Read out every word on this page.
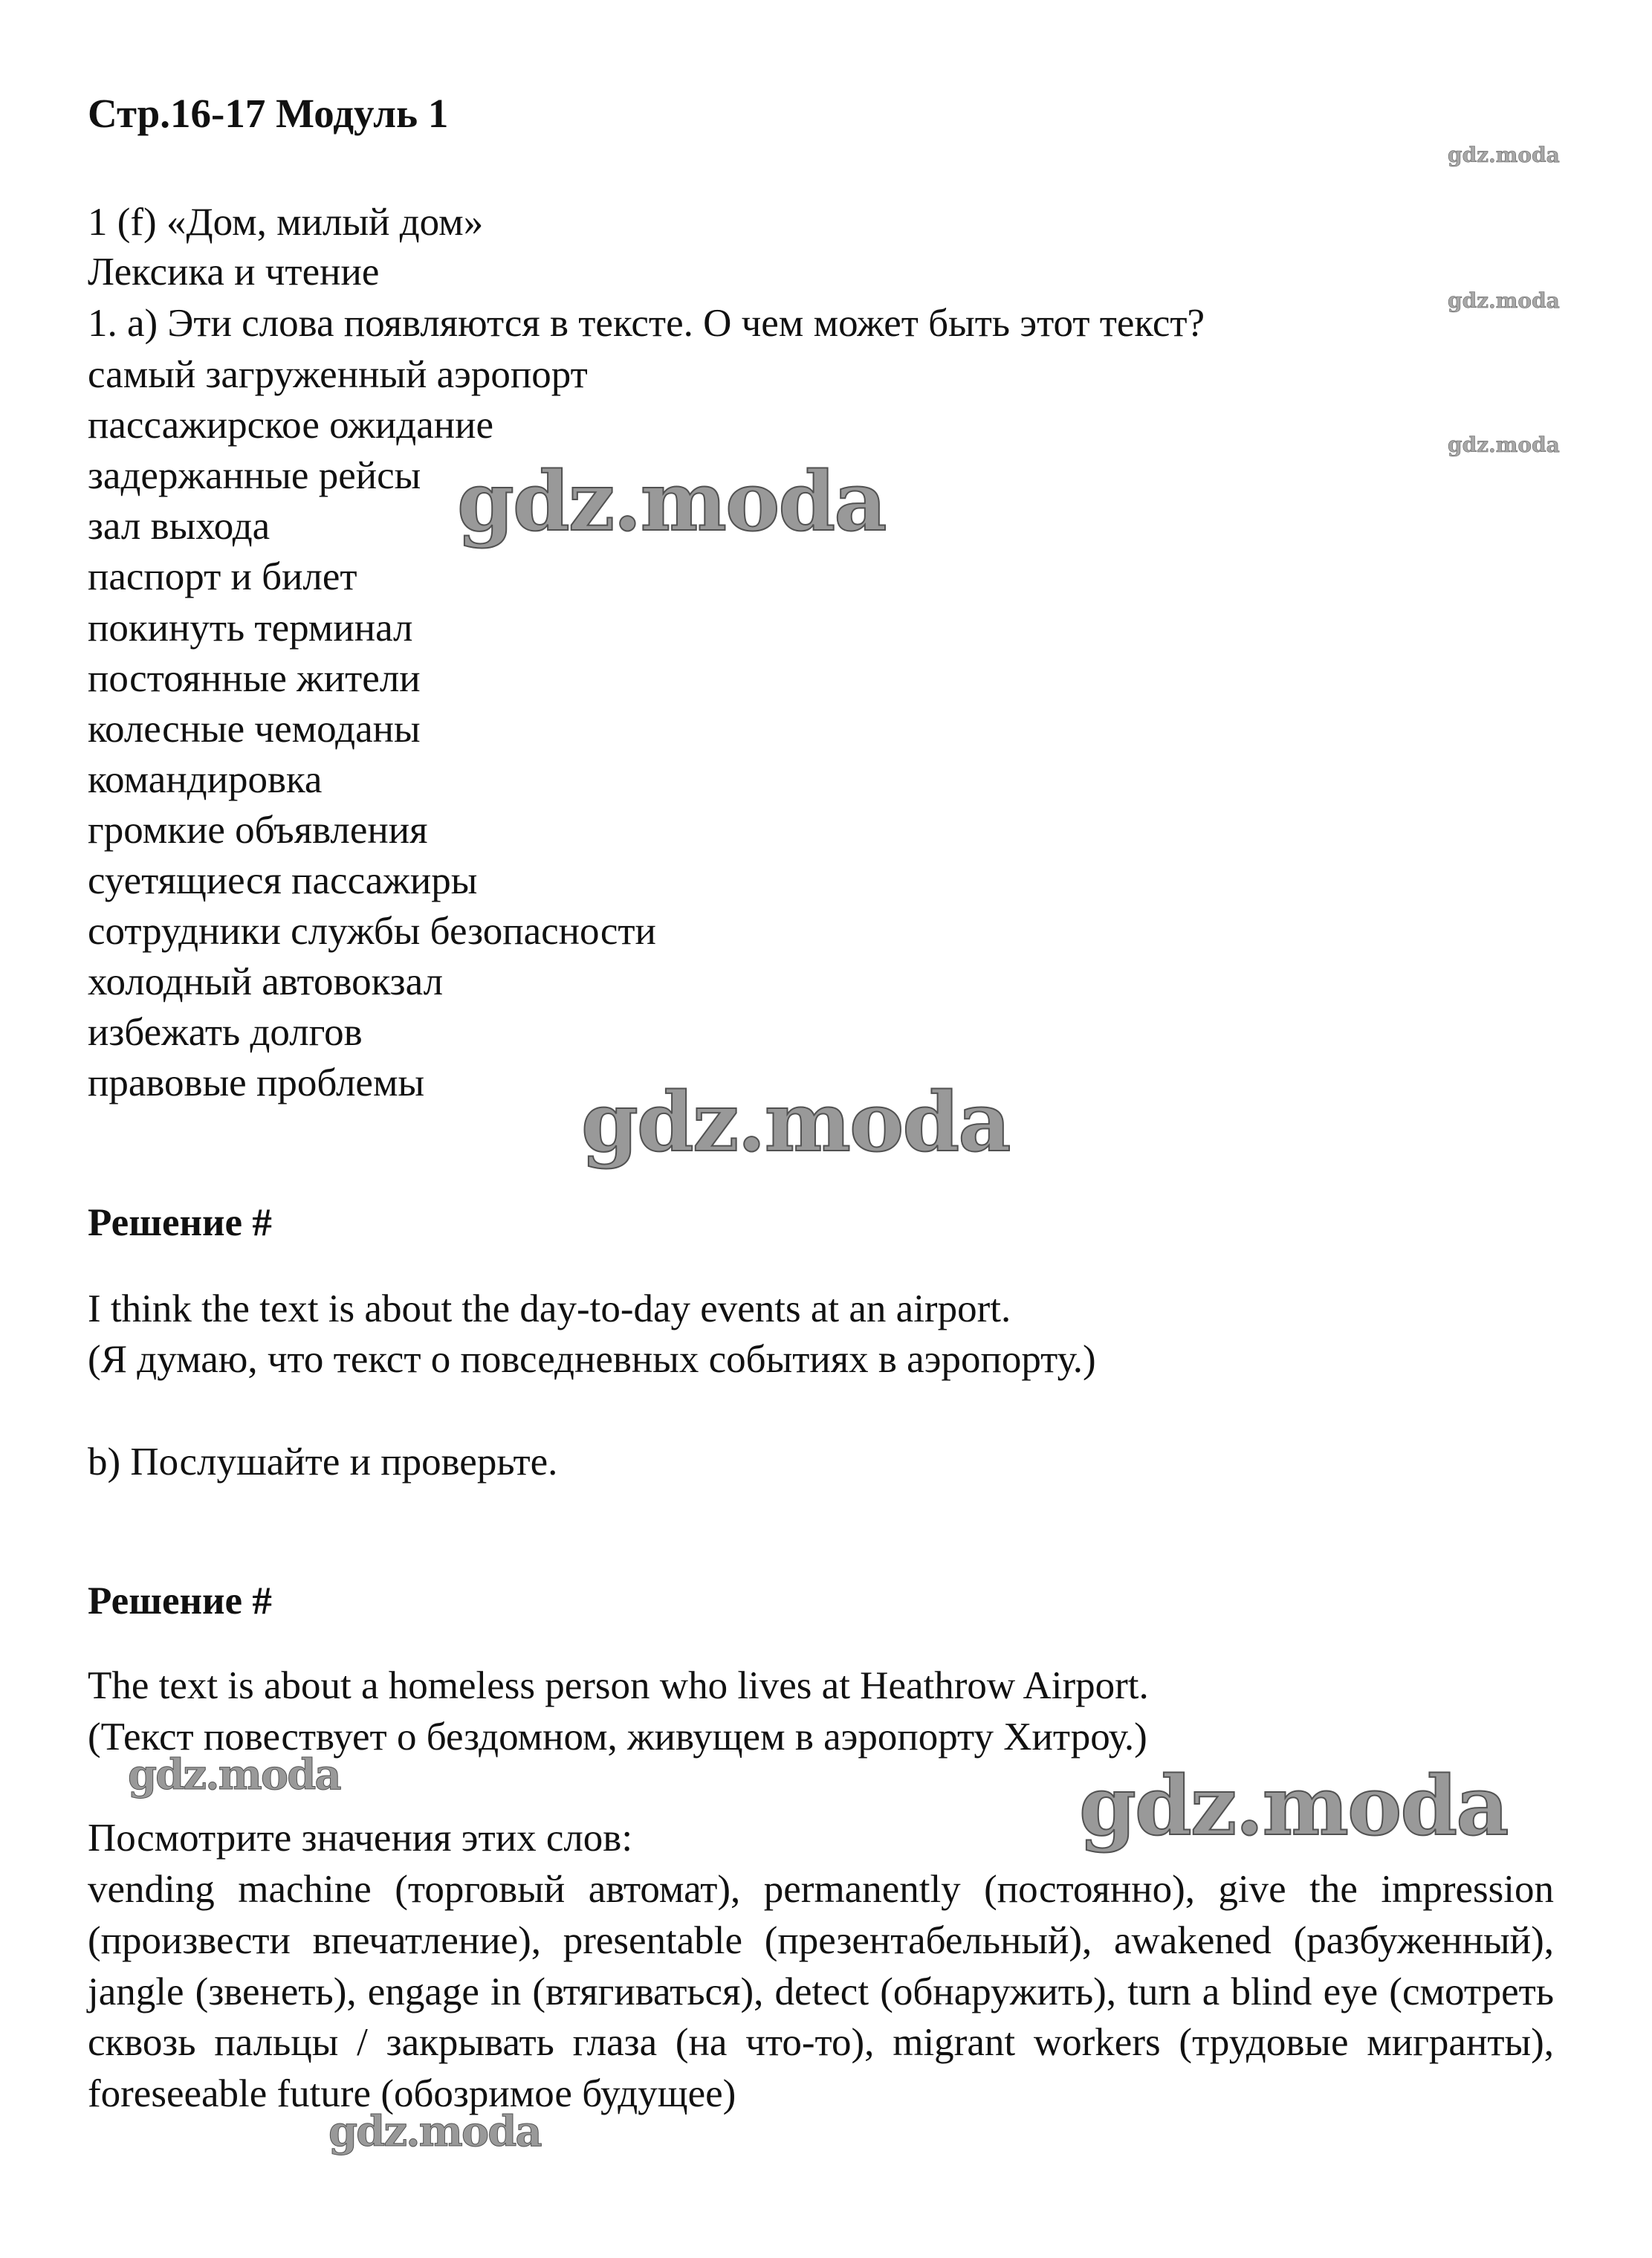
Стр.16-17 Модуль 1
1 (f) «Дом, милый дом»
Лексика и чтение
1. a) Эти слова появляются в тексте. О чем может быть этот текст?
самый загруженный аэропорт
пассажирское ожидание
задержанные рейсы
зал выхода
паспорт и билет
покинуть терминал
постоянные жители
колесные чемоданы
командировка
громкие объявления
суетящиеся пассажиры
сотрудники службы безопасности
холодный автовокзал
избежать долгов
правовые проблемы
Решение #
I think the text is about the day-to-day events at an airport.
(Я думаю, что текст о повседневных событиях в аэропорту.)
b) Послушайте и проверьте.
Решение #
The text is about a homeless person who lives at Heathrow Airport.
(Текст повествует о бездомном, живущем в аэропорту Хитроу.)
Посмотрите значения этих слов:
vending machine (торговый автомат), permanently (постоянно), give the impression (произвести впечатление), presentable (презентабельный), awakened (разбуженный), jangle (звенеть), engage in (втягиваться), detect (обнаружить), turn a blind eye (смотреть сквозь пальцы / закрывать глаза (на что-то), migrant workers (трудовые мигранты), foreseeable future (обозримое будущее)
gdz.moda
gdz.moda
gdz.moda
gdz.moda
gdz.moda
gdz.moda
gdz.moda
gdz.moda
